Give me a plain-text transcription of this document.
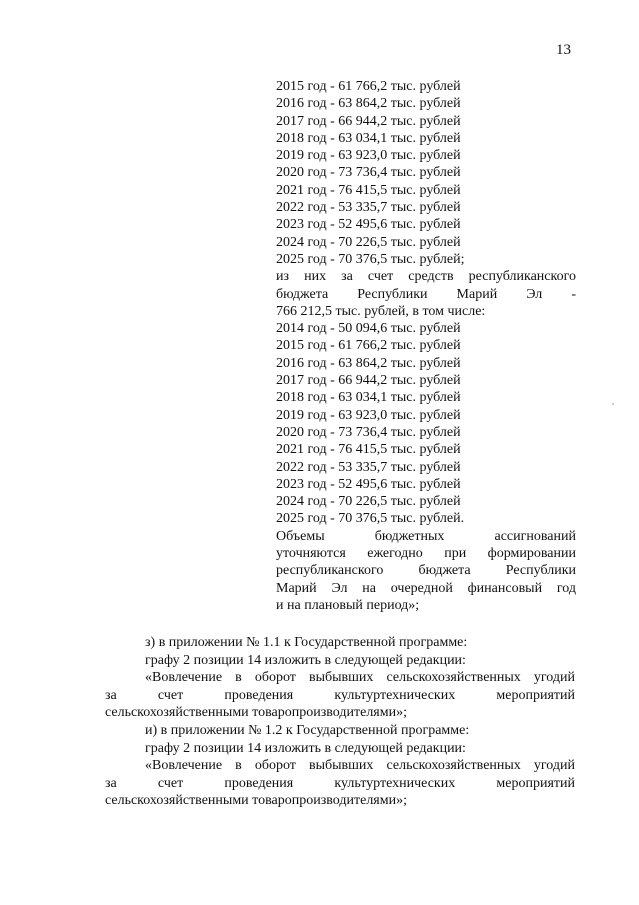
13
2015 год - 61 766,2 тыс. рублей
2016 год - 63 864,2 тыс. рублей
2017 год - 66 944,2 тыс. рублей
2018 год - 63 034,1 тыс. рублей
2019 год - 63 923,0 тыс. рублей
2020 год - 73 736,4 тыс. рублей
2021 год - 76 415,5 тыс. рублей
2022 год - 53 335,7 тыс. рублей
2023 год - 52 495,6 тыс. рублей
2024 год - 70 226,5 тыс. рублей
2025 год - 70 376,5 тыс. рублей;
из них за счет средств республиканского
бюджета Республики Марий Эл -
766 212,5 тыс. рублей, в том числе:
2014 год - 50 094,6 тыс. рублей
2015 год - 61 766,2 тыс. рублей
2016 год - 63 864,2 тыс. рублей
2017 год - 66 944,2 тыс. рублей
2018 год - 63 034,1 тыс. рублей
2019 год - 63 923,0 тыс. рублей
2020 год - 73 736,4 тыс. рублей
2021 год - 76 415,5 тыс. рублей
2022 год - 53 335,7 тыс. рублей
2023 год - 52 495,6 тыс. рублей
2024 год - 70 226,5 тыс. рублей
2025 год - 70 376,5 тыс. рублей.
Объемы бюджетных ассигнований
уточняются ежегодно при формировании
республиканского бюджета Республики
Марий Эл на очередной финансовый год
и на плановый период»;
з) в приложении № 1.1 к Государственной программе:
графу 2 позиции 14 изложить в следующей редакции:
«Вовлечение в оборот выбывших сельскохозяйственных угодий
за счет проведения культуртехнических мероприятий
сельскохозяйственными товаропроизводителями»;
и) в приложении № 1.2 к Государственной программе:
графу 2 позиции 14 изложить в следующей редакции:
«Вовлечение в оборот выбывших сельскохозяйственных угодий
за счет проведения культуртехнических мероприятий
сельскохозяйственными товаропроизводителями»;
